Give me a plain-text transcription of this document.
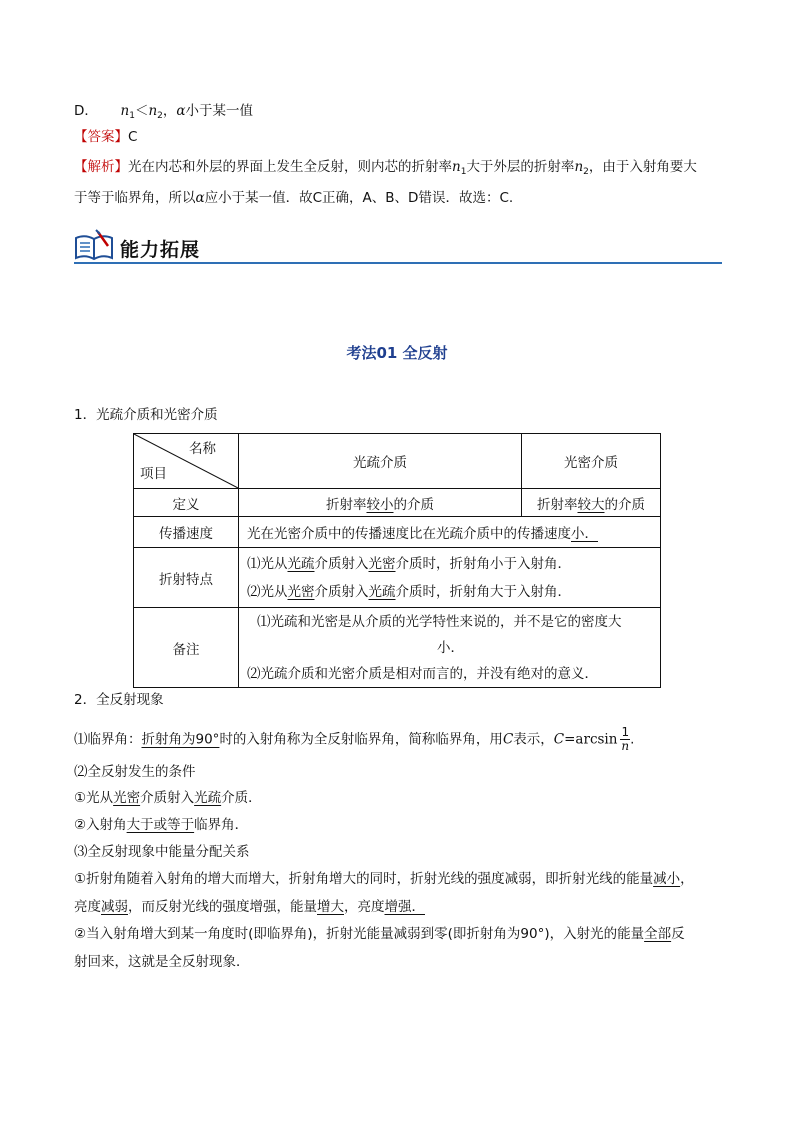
D． $n_1<n_2$，α小于某一值
【答案】C
【解析】光在内芯和外层的界面上发生全反射，则内芯的折射率$n_1$大于外层的折射率$n_2$，由于入射角要大
于等于临界角，所以α应小于某一值．故C正确，A、B、D错误．故选：C.
能力拓展
考法01 全反射
1．光疏介质和光密介质
名称
项目	光疏介质	光密介质
定义	折射率较小的介质	折射率较大的介质
传播速度	光在光密介质中的传播速度比在光疏介质中的传播速度小．	
折射特点	⑴光从光疏介质射入光密介质时，折射角小于入射角．
⑵光从光密介质射入光疏介质时，折射角大于入射角．	

备注	⑴光疏和光密是从介质的光学特性来说的，并不是它的密度大
小．
⑵光疏介质和光密介质是相对而言的，并没有绝对的意义．	
2．全反射现象
⑴临界角：折射角为90°时的入射角称为全反射临界角，简称临界角，用C表示，$C=\arcsin \frac{1}{n}$ .
⑵全反射发生的条件
①光从光密介质射入光疏介质．
②入射角大于或等于临界角．
⑶全反射现象中能量分配关系
①折射角随着入射角的增大而增大，折射角增大的同时，折射光线的强度减弱，即折射光线的能量减小，
亮度减弱，而反射光线的强度增强，能量增大，亮度增强．
②当入射角增大到某一角度时(即临界角)，折射光能量减弱到零(即折射角为90°)，入射光的能量全部反
射回来，这就是全反射现象．
